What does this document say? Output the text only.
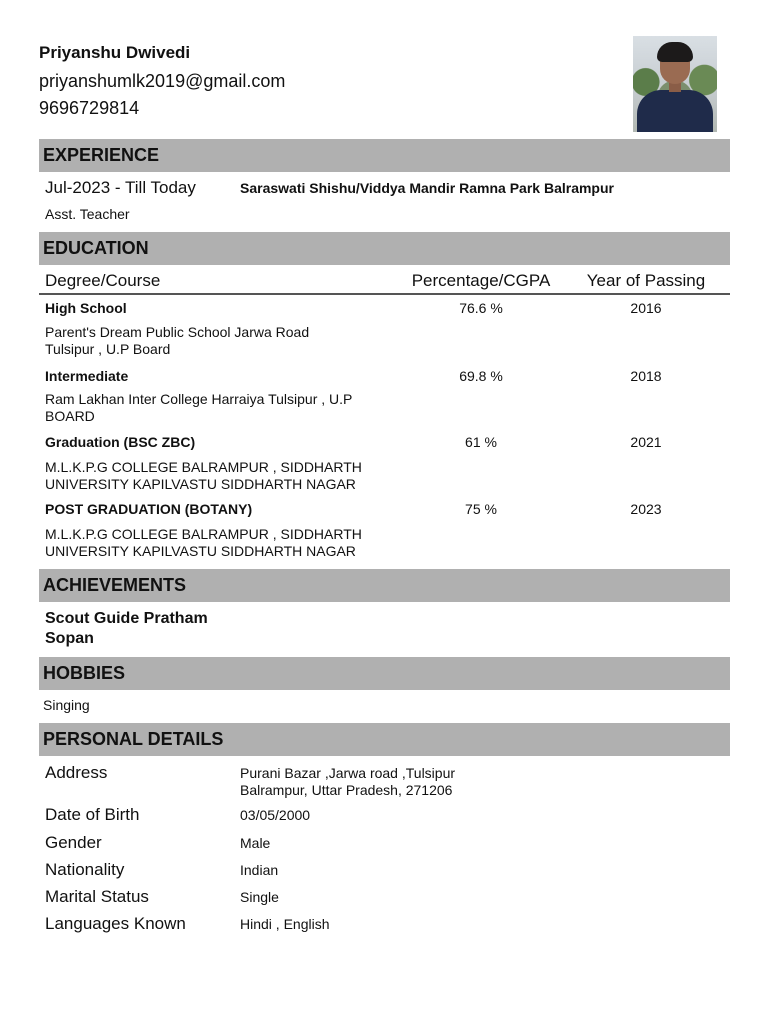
Priyanshu Dwivedi
priyanshumlk2019@gmail.com
9696729814
EXPERIENCE
Jul-2023 - Till Today	Saraswati Shishu/Viddya Mandir Ramna Park Balrampur
Asst. Teacher
EDUCATION
Degree/Course	Percentage/CGPA	Year of Passing
High School	76.6 %	2016
Parent's Dream Public School Jarwa Road
Tulsipur , U.P Board
Intermediate	69.8 %	2018
Ram Lakhan Inter College Harraiya Tulsipur , U.P
BOARD
Graduation (BSC ZBC)	61 %	2021
M.L.K.P.G COLLEGE BALRAMPUR , SIDDHARTH
UNIVERSITY KAPILVASTU SIDDHARTH NAGAR
POST GRADUATION (BOTANY)	75 %	2023
M.L.K.P.G COLLEGE BALRAMPUR , SIDDHARTH
UNIVERSITY KAPILVASTU SIDDHARTH NAGAR
ACHIEVEMENTS
Scout Guide Pratham
Sopan
HOBBIES
Singing
PERSONAL DETAILS
Address	Purani Bazar ,Jarwa road ,Tulsipur
Balrampur, Uttar Pradesh, 271206
Date of Birth	03/05/2000
Gender	Male
Nationality	Indian
Marital Status	Single
Languages Known	Hindi , English
